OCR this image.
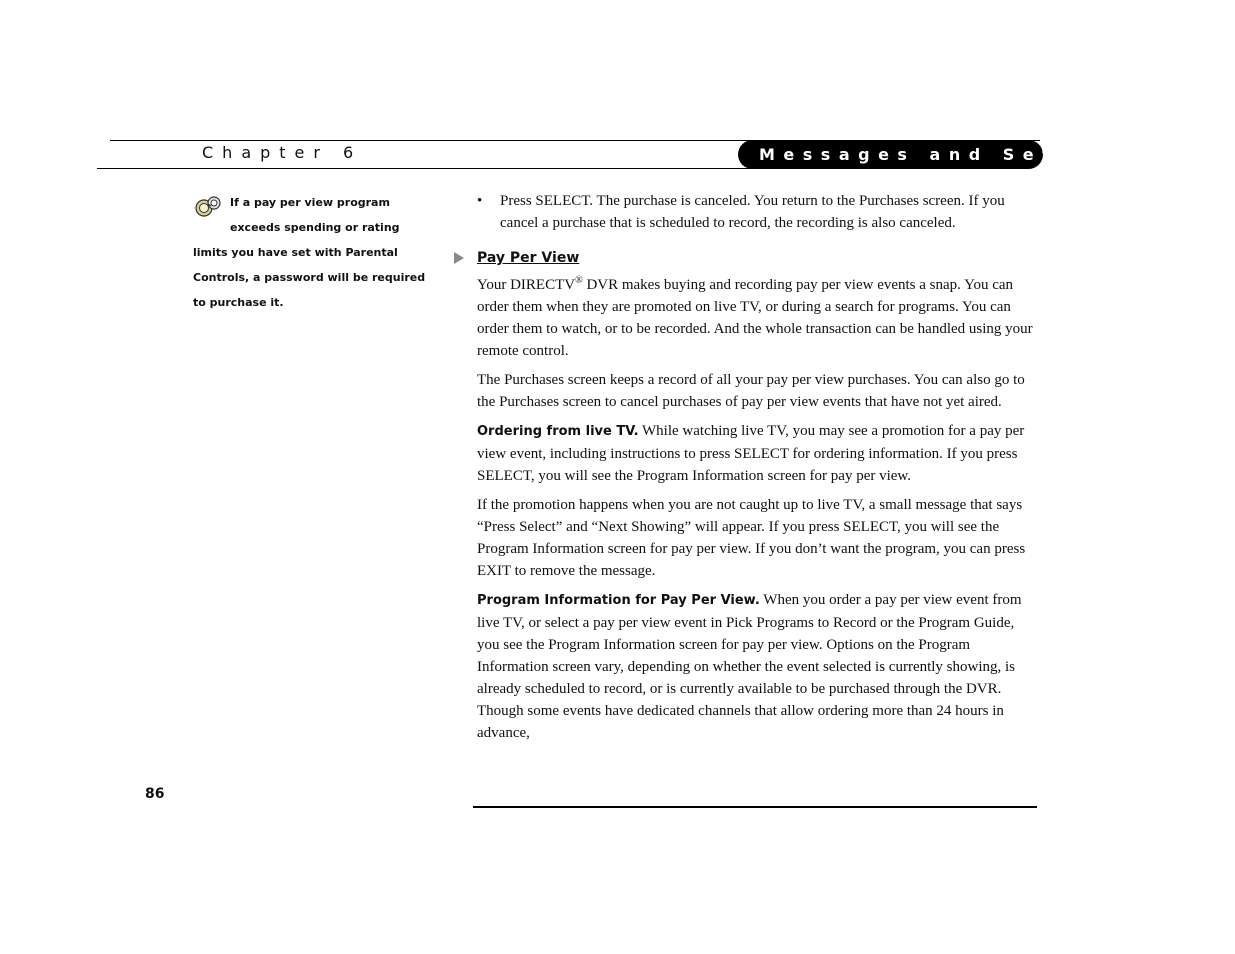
Chapter 6	Messages and Setup
If a pay per view program exceeds spending or rating limits you have set with Parental Controls, a password will be required to purchase it.
• Press SELECT. The purchase is canceled. You return to the Purchases screen. If you cancel a purchase that is scheduled to record, the recording is also canceled.
Pay Per View

Your DIRECTV® DVR makes buying and recording pay per view events a snap. You can order them when they are promoted on live TV, or during a search for programs. You can order them to watch, or to be recorded. And the whole transaction can be handled using your remote control.

The Purchases screen keeps a record of all your pay per view purchases. You can also go to the Purchases screen to cancel purchases of pay per view events that have not yet aired.

Ordering from live TV. While watching live TV, you may see a promotion for a pay per view event, including instructions to press SELECT for ordering information. If you press SELECT, you will see the Program Information screen for pay per view.

If the promotion happens when you are not caught up to live TV, a small message that says “Press Select” and “Next Showing” will appear. If you press SELECT, you will see the Program Information screen for pay per view. If you don’t want the program, you can press EXIT to remove the message.

Program Information for Pay Per View. When you order a pay per view event from live TV, or select a pay per view event in Pick Programs to Record or the Program Guide, you see the Program Information screen for pay per view. Options on the Program Information screen vary, depending on whether the event selected is currently showing, is already scheduled to record, or is currently available to be purchased through the DVR. Though some events have dedicated channels that allow ordering more than 24 hours in advance,

86
